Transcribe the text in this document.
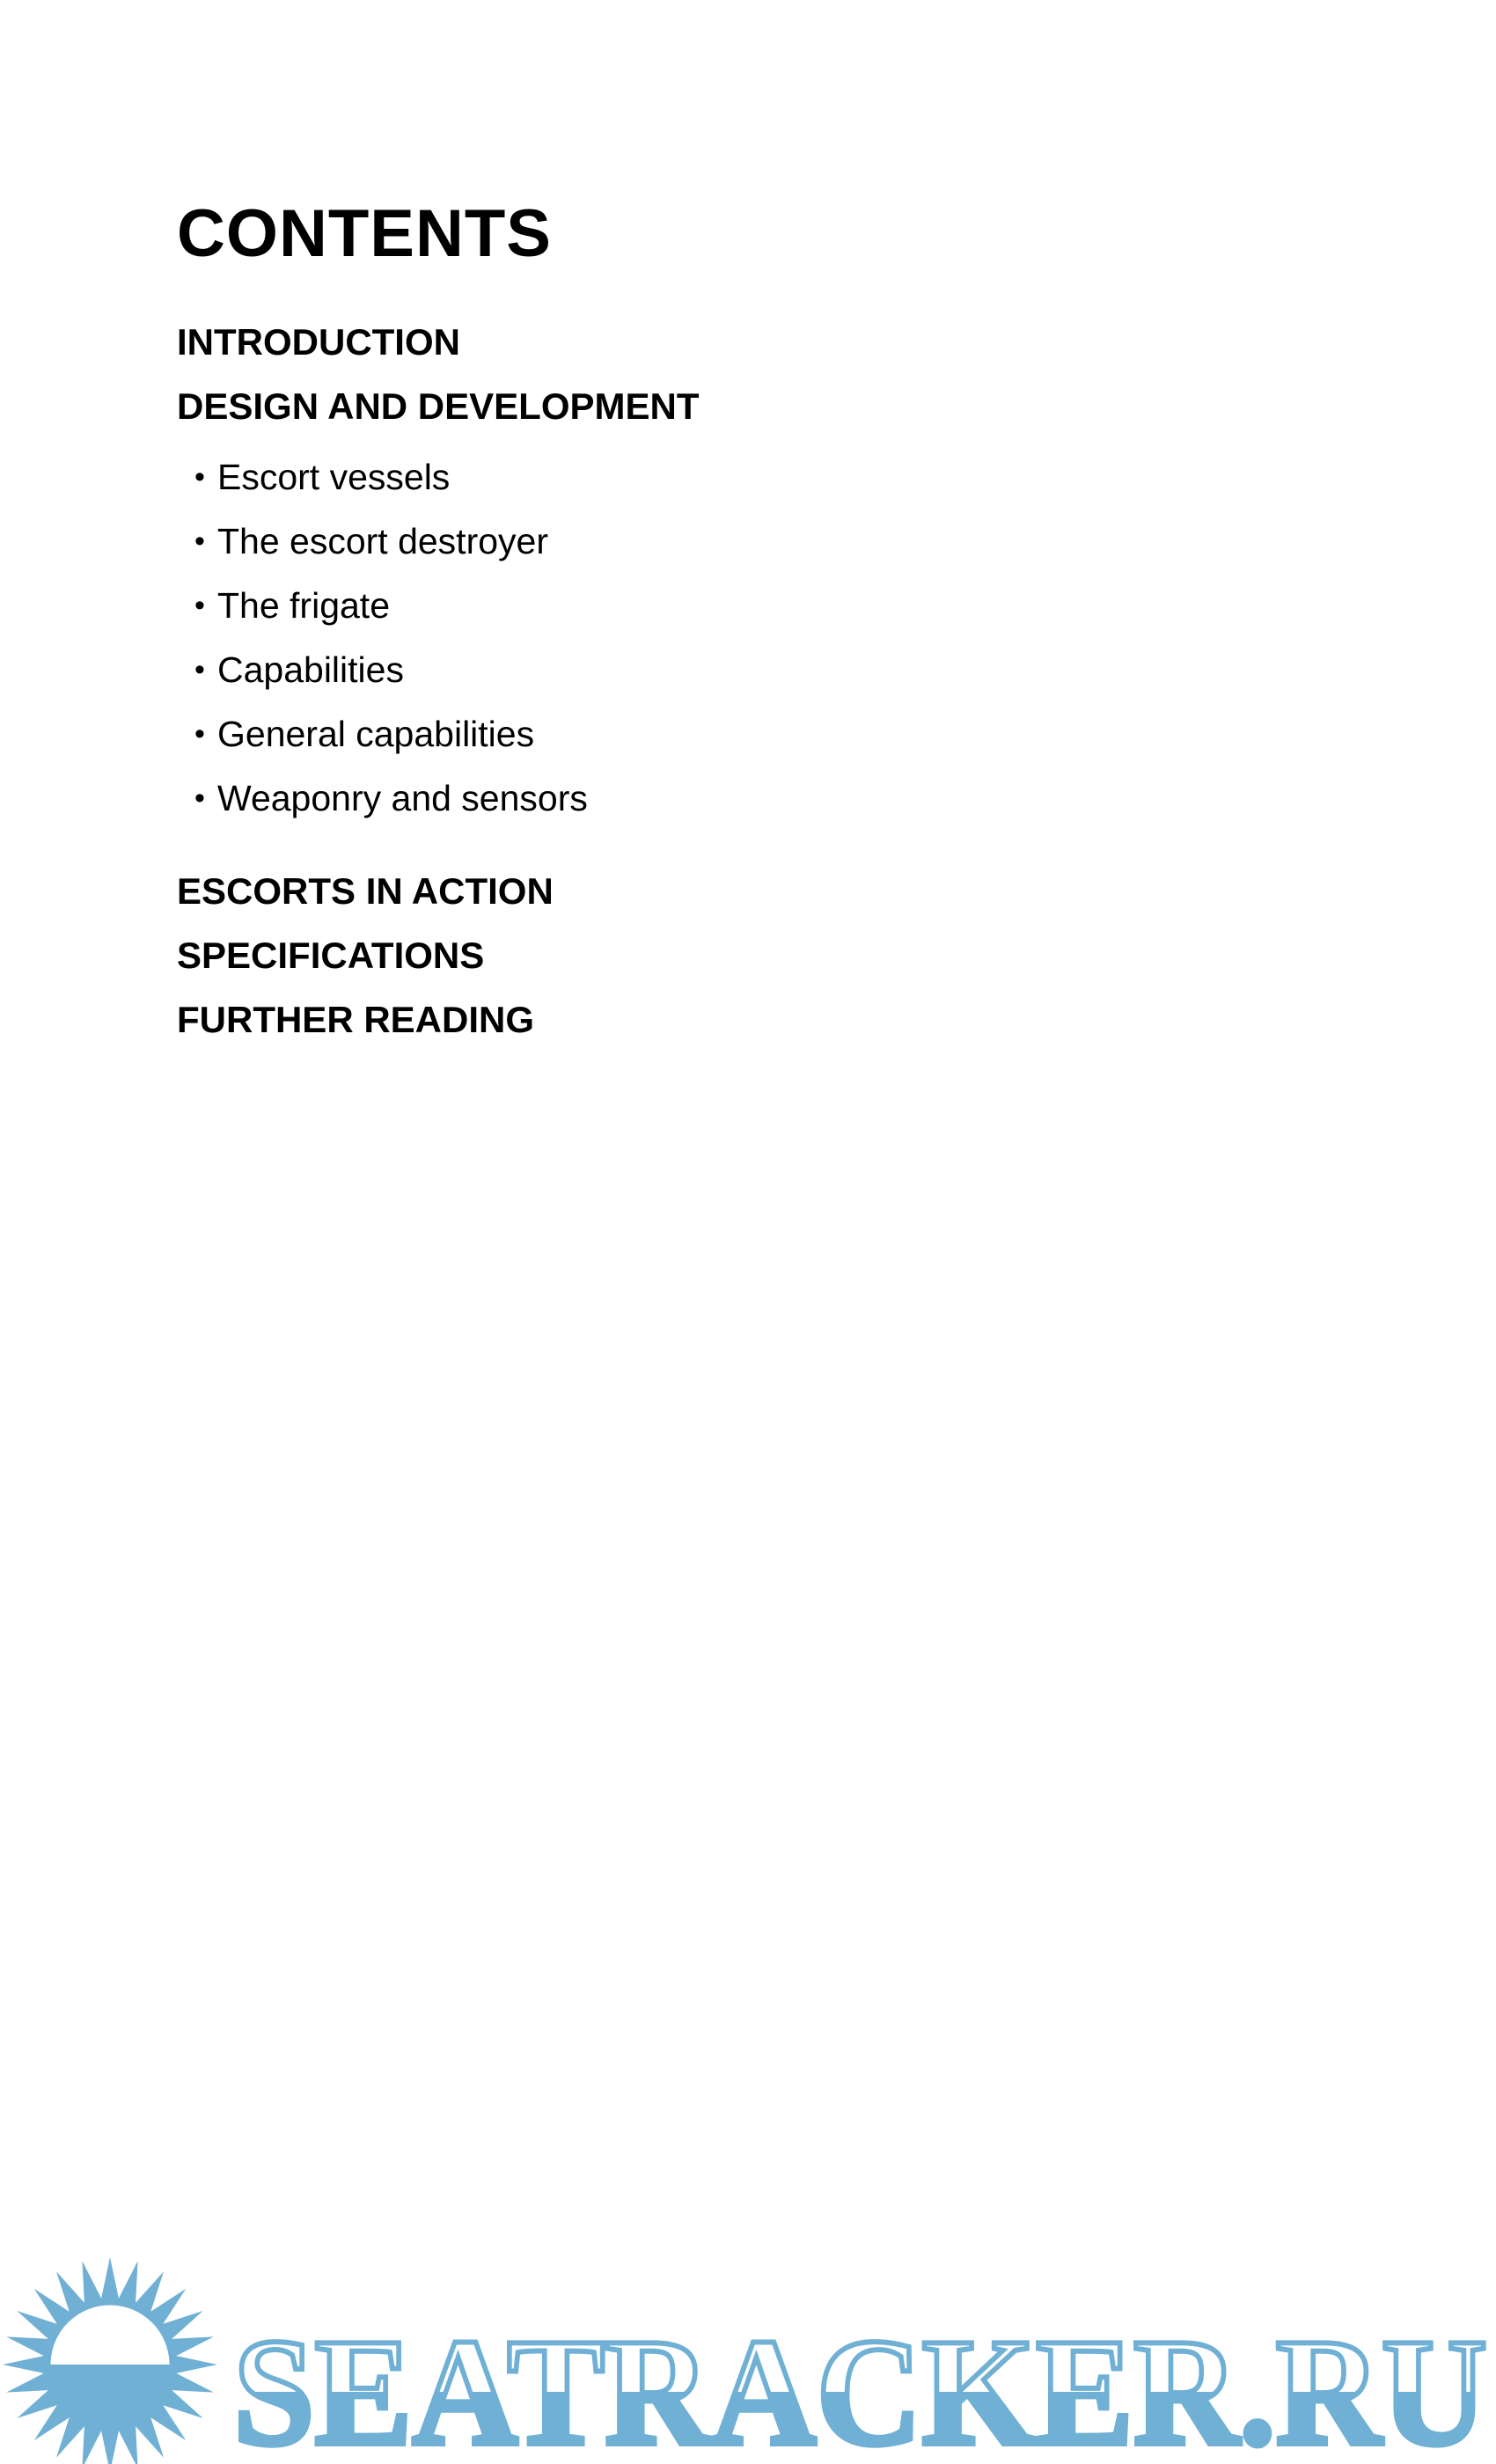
CONTENTS
INTRODUCTION
DESIGN AND DEVELOPMENT
• Escort vessels
• The escort destroyer
• The frigate
• Capabilities
• General capabilities
• Weaponry and sensors
ESCORTS IN ACTION
SPECIFICATIONS
FURTHER READING
SEATRACKER.RU
